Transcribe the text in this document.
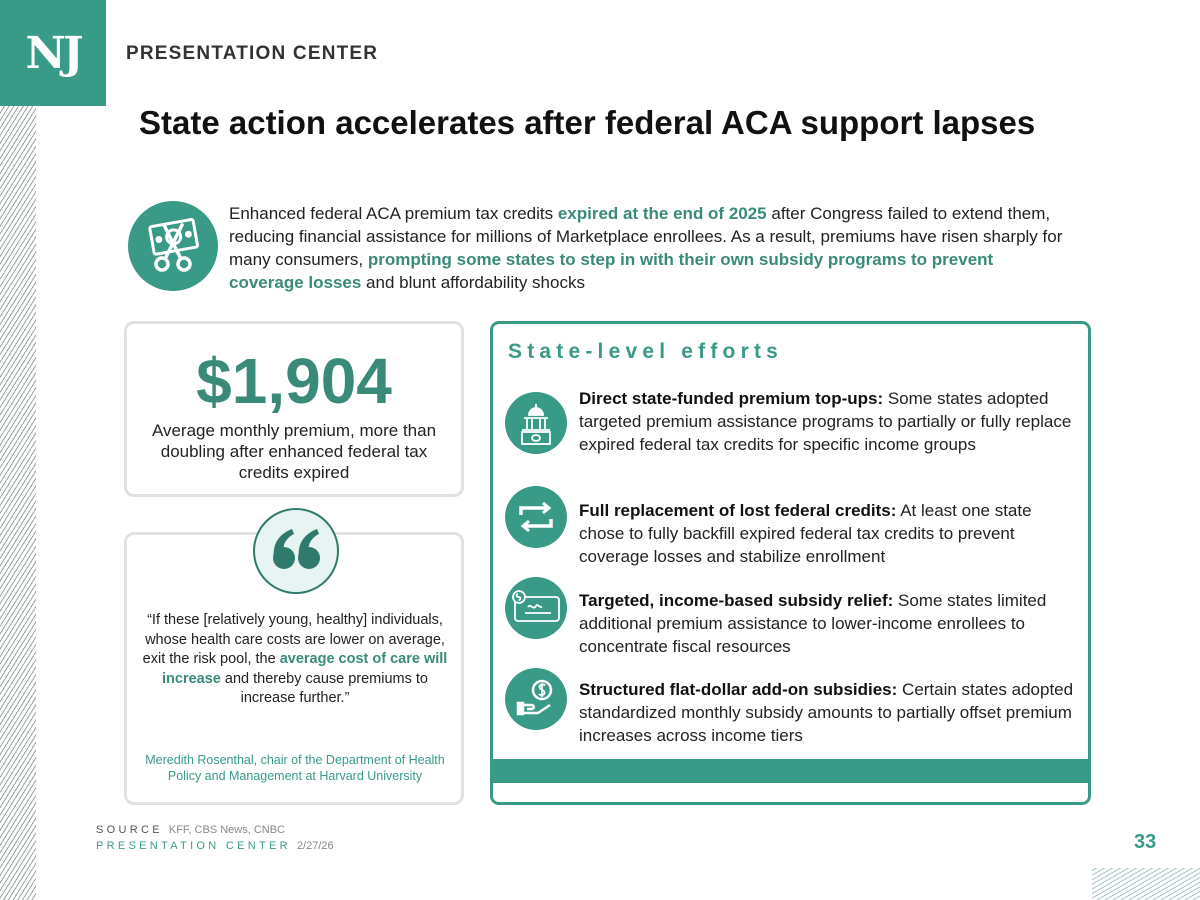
NJ PRESENTATION CENTER
State action accelerates after federal ACA support lapses

Enhanced federal ACA premium tax credits expired at the end of 2025 after Congress failed to extend them, reducing financial assistance for millions of Marketplace enrollees. As a result, premiums have risen sharply for many consumers, prompting some states to step in with their own subsidy programs to prevent coverage losses and blunt affordability shocks

$1,904
Average monthly premium, more than doubling after enhanced federal tax credits expired

“If these [relatively young, healthy] individuals, whose health care costs are lower on average, exit the risk pool, the average cost of care will increase and thereby cause premiums to increase further.”

Meredith Rosenthal, chair of the Department of Health Policy and Management at Harvard University

State-level efforts

Direct state-funded premium top-ups: Some states adopted targeted premium assistance programs to partially or fully replace expired federal tax credits for specific income groups

Full replacement of lost federal credits: At least one state chose to fully backfill expired federal tax credits to prevent coverage losses and stabilize enrollment

Targeted, income-based subsidy relief: Some states limited additional premium assistance to lower-income enrollees to concentrate fiscal resources

Structured flat-dollar add-on subsidies: Certain states adopted standardized monthly subsidy amounts to partially offset premium increases across income tiers

SOURCE KFF, CBS News, CNBC
PRESENTATION CENTER 2/27/26	33
